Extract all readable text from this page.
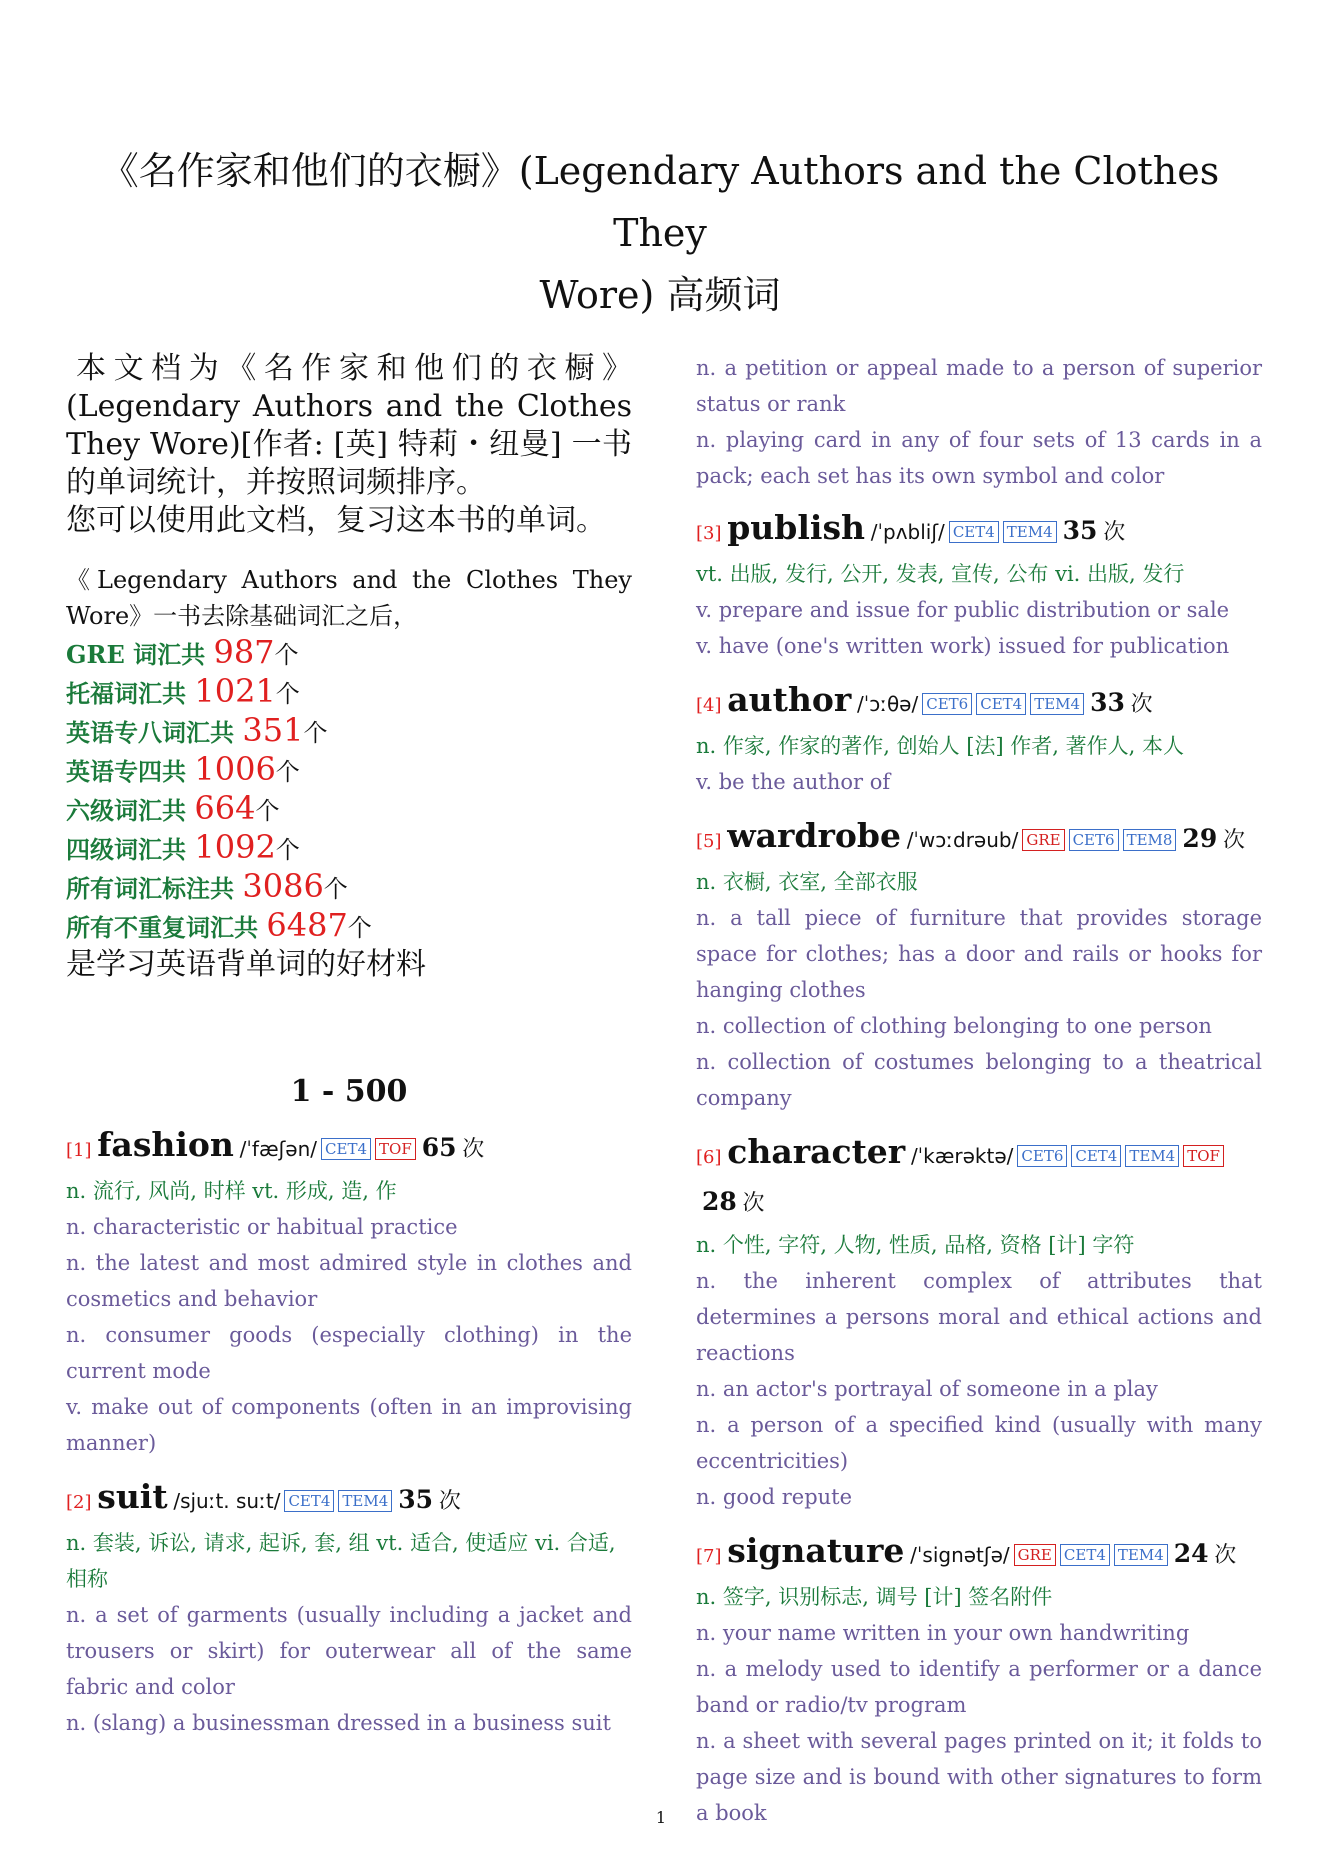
《名作家和他们的衣橱》(Legendary Authors and the Clothes They
Wore) 高频词
本文档为《名作家和他们的衣橱》(Legendary Authors and the Clothes They Wore)[作者: [英] 特莉・纽曼] 一书的单词统计，并按照词频排序。
您可以使用此文档，复习这本书的单词。
《Legendary Authors and the Clothes They Wore》一书去除基础词汇之后，
GRE 词汇共 987个
托福词汇共 1021个
英语专八词汇共 351个
英语专四共 1006个
六级词汇共 664个
四级词汇共 1092个
所有词汇标注共 3086个
所有不重复词汇共 6487个
是学习英语背单词的好材料
1 - 500
[1] fashion /ˈfæʃən/ CET4 TOF 65 次
n. 流行, 风尚, 时样 vt. 形成, 造, 作
n. characteristic or habitual practice
n. the latest and most admired style in clothes and cosmetics and behavior
n. consumer goods (especially clothing) in the current mode
v. make out of components (often in an improvising manner)
[2] suit /sjuːt. suːt/ CET4 TEM4 35 次
n. 套装, 诉讼, 请求, 起诉, 套, 组 vt. 适合, 使适应 vi. 合适, 相称
n. a set of garments (usually including a jacket and trousers or skirt) for outerwear all of the same fabric and color
n. (slang) a businessman dressed in a business suit
n. a petition or appeal made to a person of superior status or rank
n. playing card in any of four sets of 13 cards in a pack; each set has its own symbol and color
[3] publish /ˈpʌbliʃ/ CET4 TEM4 35 次
vt. 出版, 发行, 公开, 发表, 宣传, 公布 vi. 出版, 发行
v. prepare and issue for public distribution or sale
v. have (one's written work) issued for publication
[4] author /ˈɔːθə/ CET6 CET4 TEM4 33 次
n. 作家, 作家的著作, 创始人 [法] 作者, 著作人, 本人
v. be the author of
[5] wardrobe /ˈwɔːdrəub/ GRE CET6 TEM8 29 次
n. 衣橱, 衣室, 全部衣服
n. a tall piece of furniture that provides storage space for clothes; has a door and rails or hooks for hanging clothes
n. collection of clothing belonging to one person
n. collection of costumes belonging to a theatrical company
[6] character /ˈkærəktə/ CET6 CET4 TEM4 TOF28 次
n. 个性, 字符, 人物, 性质, 品格, 资格 [计] 字符
n. the inherent complex of attributes that determines a persons moral and ethical actions and reactions
n. an actor's portrayal of someone in a play
n. a person of a specified kind (usually with many eccentricities)
n. good repute
[7] signature /ˈsignətʃə/ GRE CET4 TEM4 24 次
n. 签字, 识别标志, 调号 [计] 签名附件
n. your name written in your own handwriting
n. a melody used to identify a performer or a dance band or radio/tv program
n. a sheet with several pages printed on it; it folds to page size and is bound with other signatures to form a book
1
